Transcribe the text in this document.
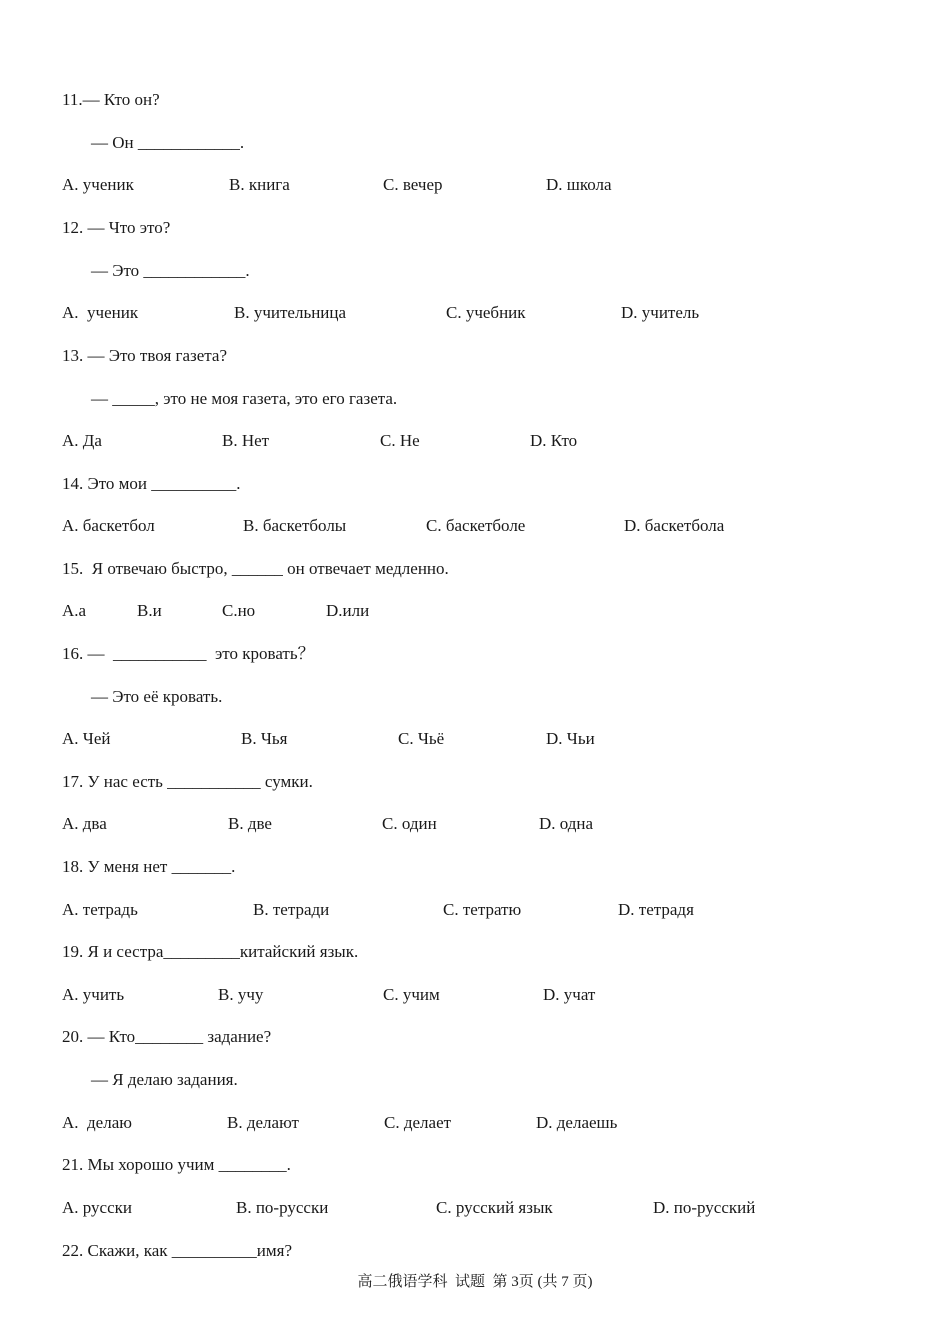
11.— Кто он?
— Он ____________.
A. ученик	B. книга	C. вечер	D. школа
12. — Что это?
— Это ____________.
A.  ученик	B. учительница	C. учебник	D. учитель
13. — Это твоя газета?
— _____, это не моя газета, это его газета.
A. Да	B. Нет	C. Не	D. Кто
14. Это мои __________.
A. баскетбол	B. баскетболы	C. баскетболе	D. баскетбола
15.  Я отвечаю быстро, ______ он отвечает медленно.
A.а	B.и	C.но	D.или
16. —  ___________  это кровать？
— Это её кровать.
A. Чей	B. Чья	C. Чьё	D. Чьи
17. У нас есть ___________ сумки.
A. два	B. две	C. один	D. одна
18. У меня нет _______.
A. тетрадь	B. тетради	C. тетратю	D. тетрадя
19. Я и сестра_________китайский язык.
A. учить	B. учу	C. учим	D. учат
20. — Кто________ задание?
— Я делаю задания.
A.  делаю	B. делают	C. делает	D. делаешь
21. Мы хорошо учим ________.
A. русски	B. по-русски	C. русский язык	D. по-русский
22. Скажи, как __________имя?
高二俄语学科  试题  第 3页 (共 7 页)
